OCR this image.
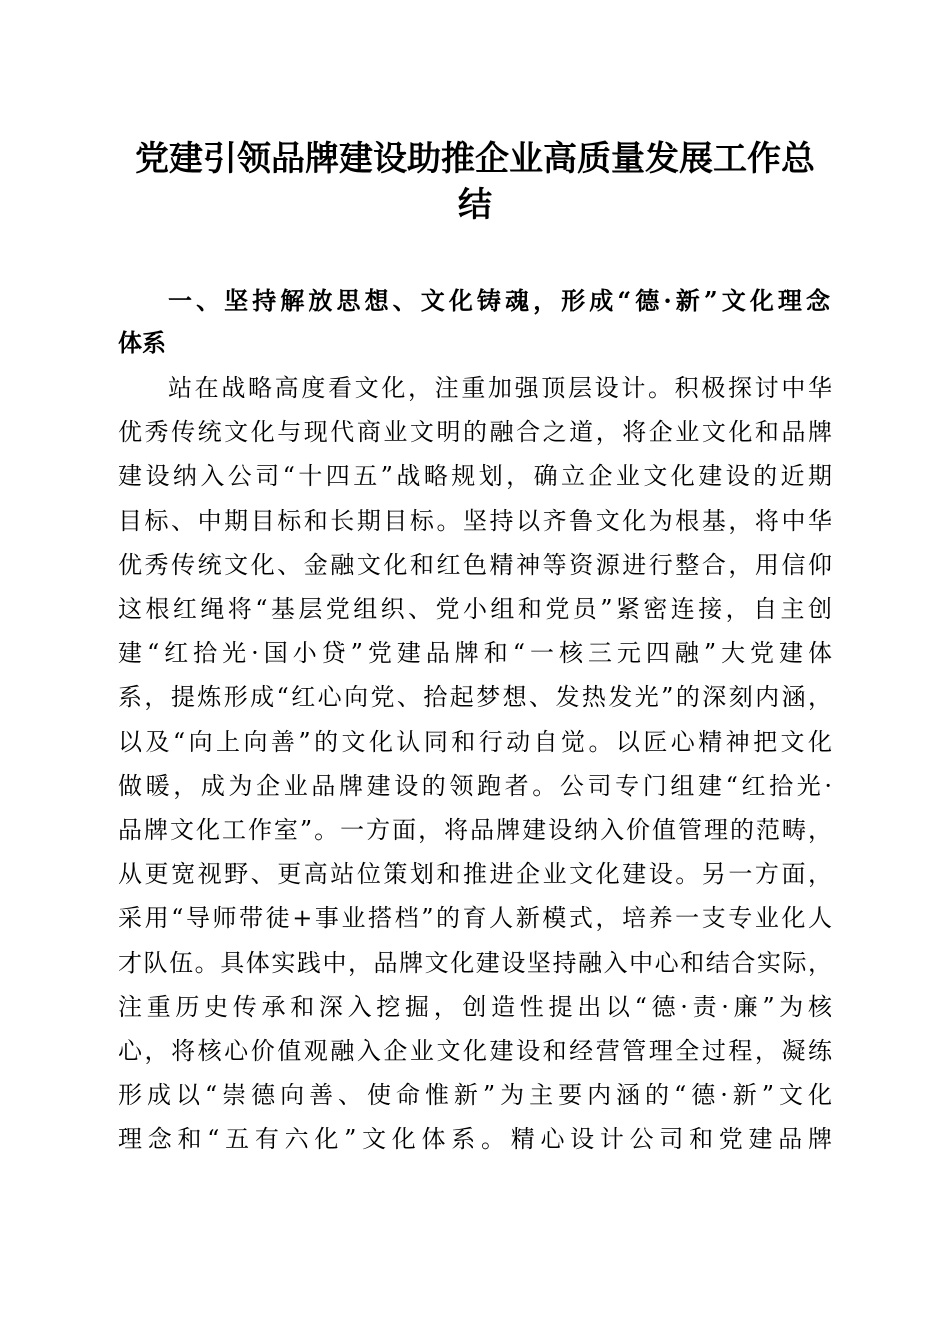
党建引领品牌建设助推企业高质量发展工作总
结
一、坚持解放思想、文化铸魂，形成“德·新”文化理念
体系
站在战略高度看文化，注重加强顶层设计。积极探讨中华
优秀传统文化与现代商业文明的融合之道，将企业文化和品牌
建设纳入公司“十四五”战略规划，确立企业文化建设的近期
目标、中期目标和长期目标。坚持以齐鲁文化为根基，将中华
优秀传统文化、金融文化和红色精神等资源进行整合，用信仰
这根红绳将“基层党组织、党小组和党员”紧密连接，自主创
建“红拾光·国小贷”党建品牌和“一核三元四融”大党建体
系，提炼形成“红心向党、拾起梦想、发热发光”的深刻内涵，
以及“向上向善”的文化认同和行动自觉。以匠心精神把文化
做暖，成为企业品牌建设的领跑者。公司专门组建“红拾光·
品牌文化工作室”。一方面，将品牌建设纳入价值管理的范畴，
从更宽视野、更高站位策划和推进企业文化建设。另一方面，
采用“导师带徒+事业搭档”的育人新模式，培养一支专业化人
才队伍。具体实践中，品牌文化建设坚持融入中心和结合实际，
注重历史传承和深入挖掘，创造性提出以“德·责·廉”为核
心，将核心价值观融入企业文化建设和经营管理全过程，凝练
形成以“崇德向善、使命惟新”为主要内涵的“德·新”文化
理念和“五有六化”文化体系。精心设计公司和党建品牌
